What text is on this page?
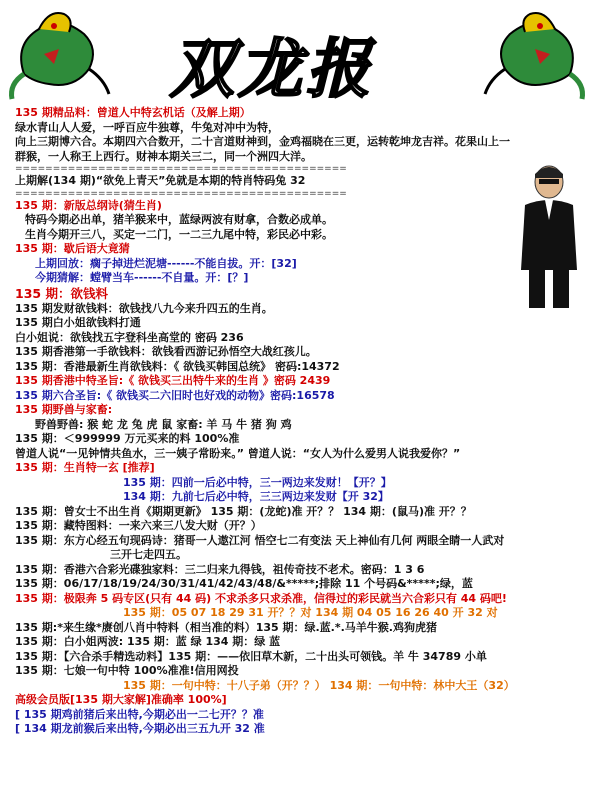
双龙报
135 期精品料：曾道人中特玄机话（及解上期）
绿水青山人人爱，一呼百应牛独尊，牛兔对冲中为特，
向上三期博六合。本期四六合数开，二十言道财神到，金鸡福晓在三更，运转乾坤龙吉祥。花果山上一
群猴，一人称王上西行。财神本期关三二，同一个洲四大洋。
============================================
上期解(134 期)“欲免上青天”免就是本期的特肖特码兔 32
============================================
135 期：新版总纲诗(猜生肖)
特码今期必出单，猪羊猴来中，蓝绿两波有财拿，合数必成单。
生肖今期开三八，买定一二门，一二三九尾中特，彩民必中彩。
135 期：歇后语大竟猜
上期回放：瘸子掉进烂泥塘------不能自拔。开：[32]
今期猜解：螳臂当车------不自量。开：[？]
135 期：欲钱料
135 期发财欲钱料：欲钱找八九今来升四五的生肖。
135 期白小姐欲钱料打通
白小姐说：欲钱找五字登科坐高堂的 密码 236
135 期香港第一手欲钱料：欲钱看西游记孙悟空大战红孩儿。
135 期：香港最新生肖欲钱料：《 欲钱买韩国总统》 密码:14372
135 期香港中特圣旨:《 欲钱买三出特牛来的生肖 》密码 2439
135 期六合圣旨:《 欲钱买二六旧时也好戏的动物》密码:16578
135 期野兽与家畜:
野兽野兽: 猴 蛇 龙 兔 虎 鼠 家畜: 羊 马 牛 猪 狗 鸡
135 期：＜999999 万元买来的料 100%准
曾道人说“一见钟情共鱼水，三一姨子常盼来。” 曾道人说：“女人为什么爱男人说我爱你？”
135 期：生肖特一玄 [推荐]
135 期：四前一后必中特，三一两边来发财！【开？】
134 期：九前七后必中特，三三两边来发财【开 32】
135 期：曾女士不出生肖《期期更新》 135 期：(龙蛇)准 开？？ 134 期：(鼠马)准 开？？
135 期：藏特图料：一来六来三八发大财（开？）
135 期：东方心经五句现码诗：猪哥一人遨江河 悟空七二有变法 天上神仙有几何 两眼全睛一人武对
三开七走四五。
135 期：香港六合彩光碟独家料：三二归来九得钱，祖传奇技不老术。密码：1 3 6
135 期：06/17/18/19/24/30/31/41/42/43/48/&*****;排除 11 个号码&*****;绿，蓝
135 期：极限奔 5 码专区(只有 44 码) 不求杀多只求杀准，信得过的彩民就当六合彩只有 44 码吧!
135 期：05 07 18 29 31 开？？对 134 期 04 05 16 26 40 开 32 对
135 期:*来生缘*赓创八肖中特料（相当准的料）135 期：绿.蓝.*.马羊牛猴.鸡狗虎猪
135 期：白小姐两波: 135 期：蓝 绿 134 期：绿 蓝
135 期：【六合杀手精选动料】135 期：——依旧草木新，二十出头可领钱。羊 牛 34789 小单
135 期：七娘一句中特 100%准准!信用网投
135 期：一句中特：十八子弟（开？？） 134 期：一句中特：林中大王（32）
高级会员版[135 期大家解]准确率 100%]
[ 135 期鸡前猪后来出特,今期必出一二七开？？准
[ 134 期龙前猴后来出特,今期必出三五九开 32 准
